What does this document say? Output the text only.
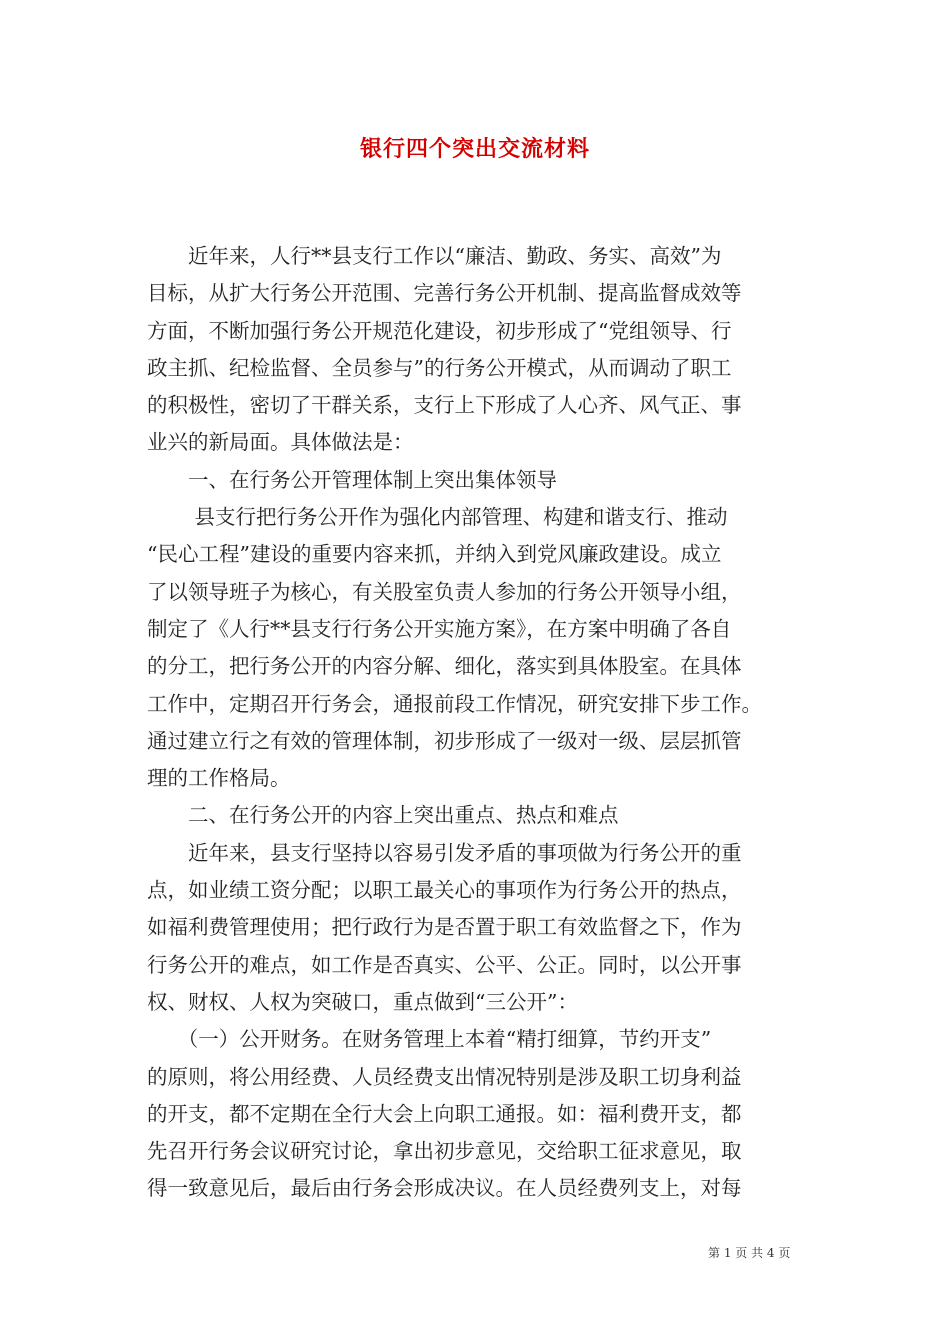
银行四个突出交流材料
　　近年来，人行**县支行工作以“廉洁、勤政、务实、高效”为
目标，从扩大行务公开范围、完善行务公开机制、提高监督成效等
方面，不断加强行务公开规范化建设，初步形成了“党组领导、行
政主抓、纪检监督、全员参与”的行务公开模式，从而调动了职工
的积极性，密切了干群关系，支行上下形成了人心齐、风气正、事
业兴的新局面。具体做法是：
　　一、在行务公开管理体制上突出集体领导
　　 县支行把行务公开作为强化内部管理、构建和谐支行、推动
“民心工程”建设的重要内容来抓，并纳入到党风廉政建设。成立
了以领导班子为核心，有关股室负责人参加的行务公开领导小组，
制定了《人行**县支行行务公开实施方案》，在方案中明确了各自
的分工，把行务公开的内容分解、细化，落实到具体股室。在具体
工作中，定期召开行务会，通报前段工作情况，研究安排下步工作。
通过建立行之有效的管理体制，初步形成了一级对一级、层层抓管
理的工作格局。
　　二、在行务公开的内容上突出重点、热点和难点
　　近年来，县支行坚持以容易引发矛盾的事项做为行务公开的重
点，如业绩工资分配；以职工最关心的事项作为行务公开的热点，
如福利费管理使用；把行政行为是否置于职工有效监督之下，作为
行务公开的难点，如工作是否真实、公平、公正。同时，以公开事
权、财权、人权为突破口，重点做到“三公开”：
　　（一）公开财务。在财务管理上本着“精打细算，节约开支”
的原则，将公用经费、人员经费支出情况特别是涉及职工切身利益
的开支，都不定期在全行大会上向职工通报。如：福利费开支，都
先召开行务会议研究讨论，拿出初步意见，交给职工征求意见，取
得一致意见后，最后由行务会形成决议。在人员经费列支上，对每
第 1 页 共 4 页
